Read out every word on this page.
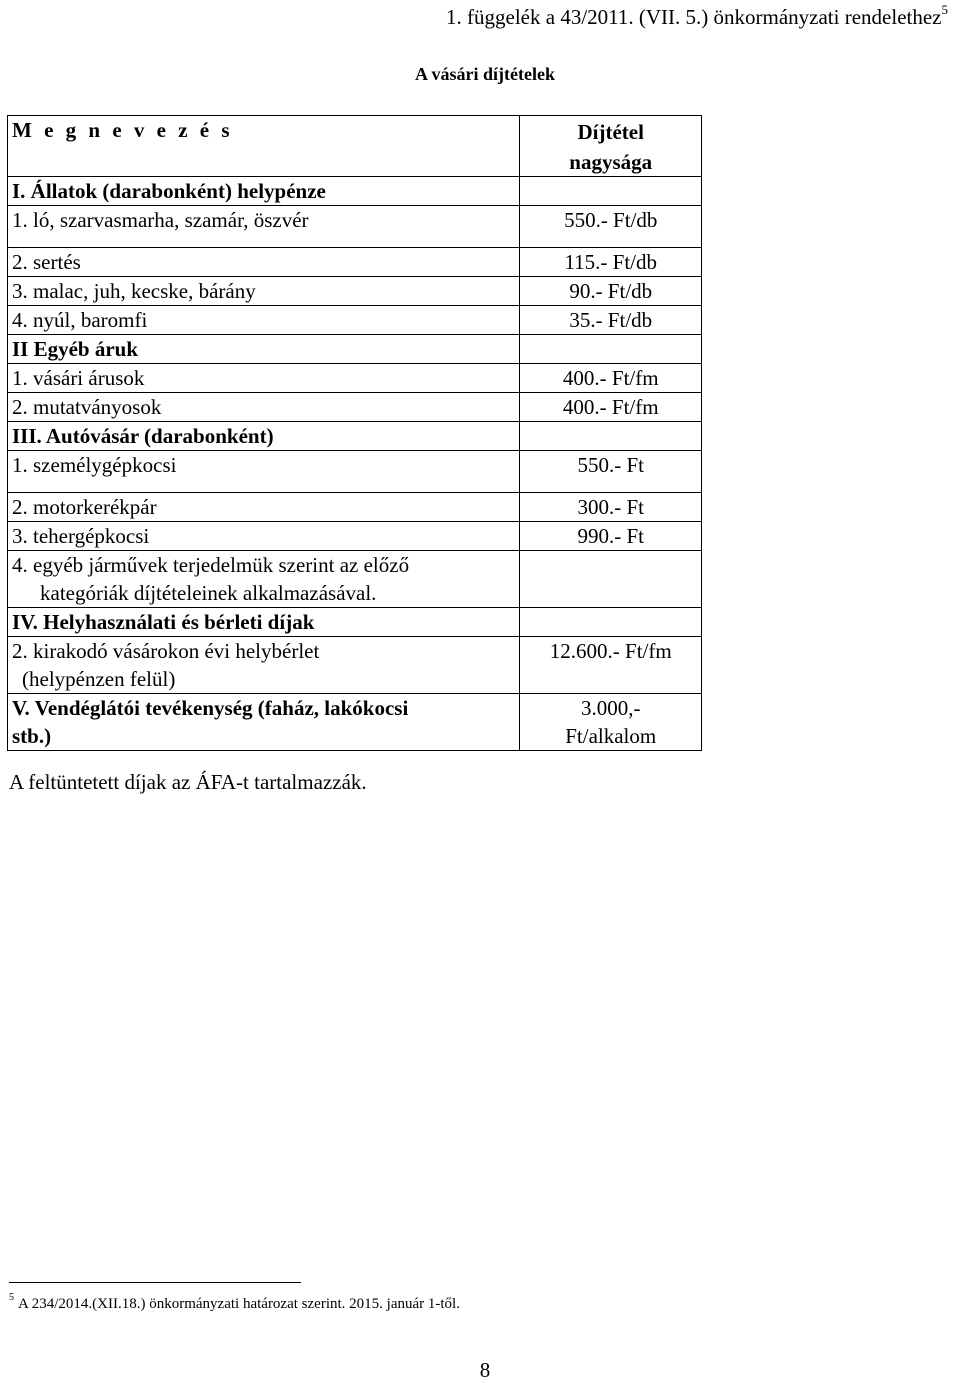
1. függelék a 43/2011. (VII. 5.) önkormányzati rendelethez$^5$
A vásári díjtételek
M e g n e v e z é s	Díjtétel
nagysága

I. Állatok (darabonként) helypénze	
1. ló, szarvasmarha, szamár, öszvér	550.- Ft/db
2. sertés	115.- Ft/db
3. malac, juh, kecske, bárány	90.- Ft/db
4. nyúl, baromfi	35.- Ft/db
II Egyéb áruk	
1. vásári árusok	400.- Ft/fm
2. mutatványosok	400.- Ft/fm
III. Autóvásár (darabonként)	
1. személygépkocsi	550.- Ft
2. motorkerékpár	300.- Ft
3. tehergépkocsi	990.- Ft
4. egyéb járművek terjedelmük szerint az előző
kategóriák díjtételeinek alkalmazásával.	

IV. Helyhasználati és bérleti díjak	
2. kirakodó vásárokon évi helybérlet
(helypénzen felül)	12.600.- Ft/fm
V. Vendéglátói tevékenység (faház, lakókocsi
stb.)	3.000,-
Ft/alkalom
A feltüntetett díjak az ÁFA-t tartalmazzák.
$^5$ A 234/2014.(XII.18.) önkormányzati határozat szerint. 2015. január 1-től.
8
